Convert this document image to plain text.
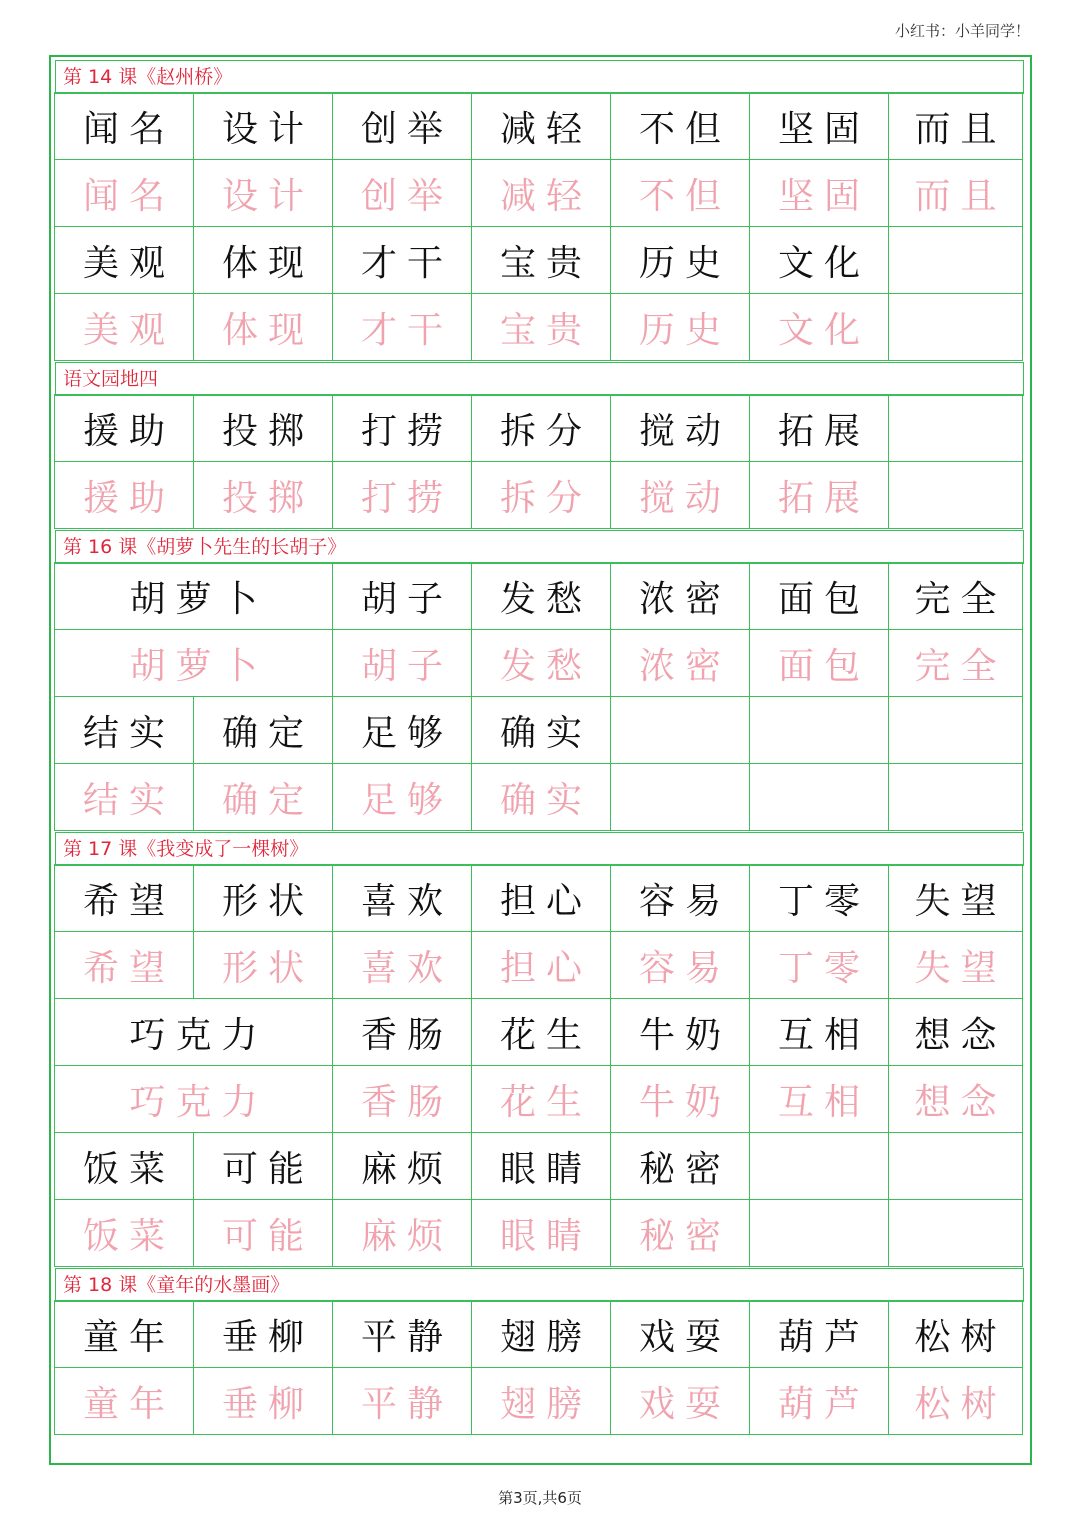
小红书：小羊同学！
第 14 课《赵州桥》
闻名	设计	创举	减轻	不但	坚固	而且
闻名	设计	创举	减轻	不但	坚固	而且
美观	体现	才干	宝贵	历史	文化
美观	体现	才干	宝贵	历史	文化
语文园地四
援助	投掷	打捞	拆分	搅动	拓展
援助	投掷	打捞	拆分	搅动	拓展
第 16 课《胡萝卜先生的长胡子》
胡萝卜	胡子	发愁	浓密	面包	完全
胡萝卜	胡子	发愁	浓密	面包	完全
结实	确定	足够	确实
结实	确定	足够	确实
第 17 课《我变成了一棵树》
希望	形状	喜欢	担心	容易	丁零	失望
希望	形状	喜欢	担心	容易	丁零	失望
巧克力	香肠	花生	牛奶	互相	想念
巧克力	香肠	花生	牛奶	互相	想念
饭菜	可能	麻烦	眼睛	秘密
饭菜	可能	麻烦	眼睛	秘密
第 18 课《童年的水墨画》
童年	垂柳	平静	翅膀	戏耍	葫芦	松树
童年	垂柳	平静	翅膀	戏耍	葫芦	松树
第3页,共6页
